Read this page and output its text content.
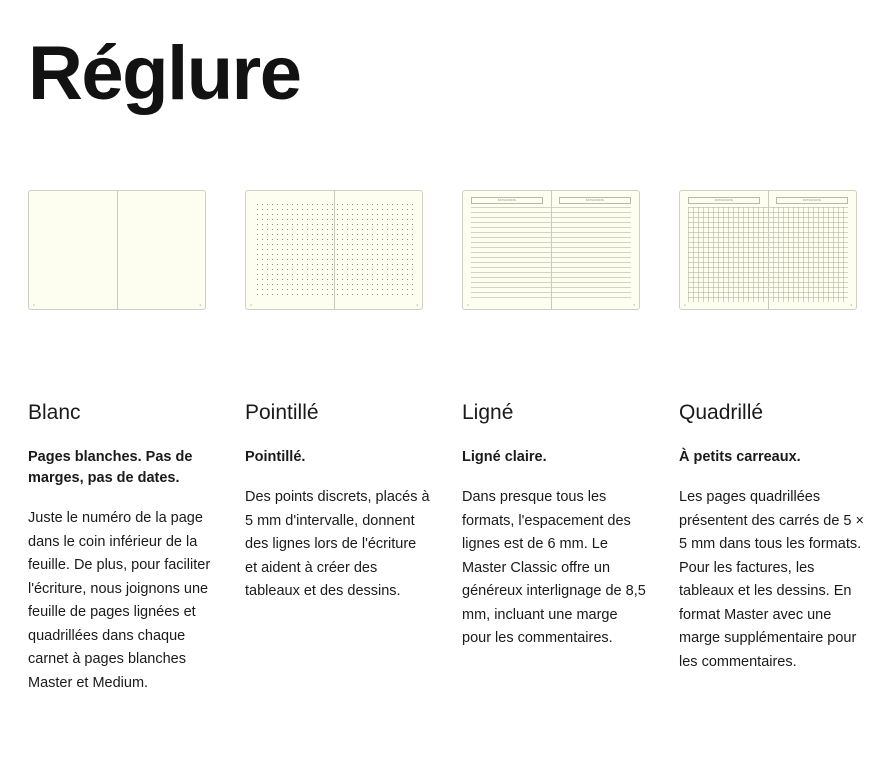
Réglure
2	3
Blanc

Pages blanches. Pas de marges, pas de dates.

Juste le numéro de la page dans le coin inférieur de la feuille. De plus, pour faciliter l'écriture, nous joignons une feuille de pages lignées et quadrillées dans chaque carnet à pages blanches Master et Medium.

2	3
Pointillé

Pointillé.

Des points discrets, placés à 5 mm d'intervalle, donnent des lignes lors de l'écriture et aident à créer des tableaux et des dessins.

DATUM/DATE	DATUM/DATE
2	3
Ligné

Ligné claire.

Dans presque tous les formats, l'espacement des lignes est de 6 mm. Le Master Classic offre un généreux interlignage de 8,5 mm, incluant une marge pour les commentaires.

DATUM/DATE	DATUM/DATE
2	3
Quadrillé

À petits carreaux.

Les pages quadrillées présentent des carrés de 5 × 5 mm dans tous les formats. Pour les factures, les tableaux et les dessins. En format Master avec une marge supplémentaire pour les commentaires.
